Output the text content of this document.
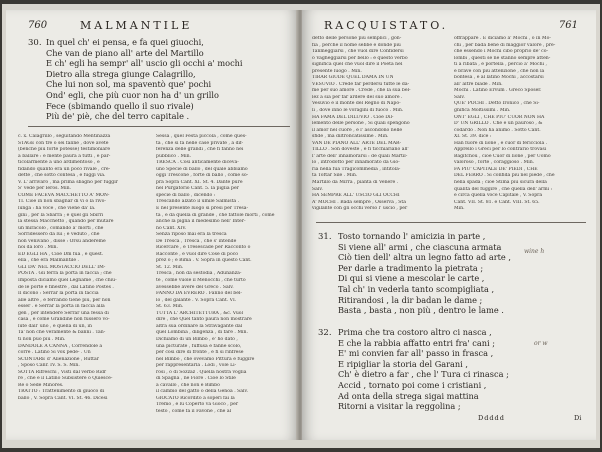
760	MALMANTILE
30. In quel ch' ei pensa, e fa quei giuochi,
Che van de piano all' arte del Martillo
E ch' egli ha sempr' all' uscio gli occhi a' mochi
Dietro alla strega giunge Calagrillo,
Che lui non sol, ma spaventò que' pochi
Ond' egli, che più cuor non ha d' un grillo
Fece (sbimando quello il suo rivale)
Più de' piè, che del terro capitale .

c. x. Calagrillo , seguitando Mentinazza

STAGE con tre o sei faline , dove avete

(benchè più forte potesse) testimoniare

a ballare : e mente paura a tutti , e par-

ticolarmente a uno ardimentoso , e

fidando quanto era un poco rivale , cre-

dette , che sotto contesa , e fuggi via.

V. L' arrivaro , ma prima sbagnò per fuggir

S' vede per Ieros. Min.

COME FACEVA MACCHETTO A' MON-

TI. Cioè in non sbagnar di vi o la rivo-

lunga : ha voce , che viene da' la.

gini , per la Sbarra ; e quel gli Sbirri

la stessa Macchetto , quando per mutare

un miracolo , comando a' morti , che

Sorridessero da lui ; e veduto , che

non venivano , disse : Orsù andereme

noi da loro . Min.

ED EGLI HA , Cioè Dm fua , e quest.

ella , che era Malmantile .

GLI DA' NEL MOSTACCIO DELL' IM-

POSTA . Gli ferra la porta in faccia ; che

Impostà diciamo quel Legname , che chiu-

de le porte e finestre , dal Latino Postes .

Il dicono : Serrar la porta in faccia

alle altre , e ferrando tiene più, per non

esser . e Serrar la porta in faccia alla

gen , per intendere Serrar una fessa di

casa , e come Grandine non fussero vo-

lute dall' uno , e quella di un, in

Ta' non che veramente & banni . Tan-

ti non può più . Min.

DANDOLE A CANNA , Correndole a

corre . Latino Si vox pede- . Un

SCONTARE d' Alienazione , Ruttar

, Sposo Canr. IV. S. S. Min.

SOTTA Rifreschi , Visti dal verbo Ridr

re , che è il Latino Subsistere o Quiesce-

Re o Sede Minores.

TRATTO : Trattenimento di giuoco di

ballo , V. Sopra Cant. VI. St. 46. Dicesi

Sessa , quel Festa piccola , come ques-

ta , che si fa nelle case private , a dif-

ferenza delle grandi , che fi fanno nei

pubblico . Min.

TRESCA . Così anticamente diceva-

uno Specie di ballo , del quale abbiamo

oggi Trescone , forte di ballo , come so-

pra Sopra Cant. XI. St. 4. Dante pure

nel Purgatorio Cant. 5. la piglia per

specie di ballo , dicendo :

Trescando alzato il umile Salmista .

E nel presente luogo si presi per Tresa-

ta , e da quella di grande , che fattole morti , come

anche la piglia il medesimo nell' Inter-

no Cant. XIV.

Senza riposo mai era la tresca

De Tresca , Tresca , che s' intende

Ricercare , e Tresescade per Raccontò o

Racconte , e vuol dire Cose di poco

prez o ; e Bima . V. Sopra in questo Cant.

St. 12. Min.

Tresca , non da sestodia , Adunanza-

te , come vuole il Menocchi , che turto

avessebbe avere del Greco . Salv.

FANNO DA EVRERO . Fanno del bel-

lo , del galante . V. Sopra Cant. VI.

St. 63. Min.

TUTTA L' ARCHITETTURA , &c. Vuol

dire , che Quel tanto paura non mostrare

altra sua ordinare la Stravagante dal

quel Lombina , diligenza , di fare . Min.

Dichiamo di un Bimbo , e' ho dato ,

una picturate , fuffusa e fanne scolo,

per così dire di fronte , e fi si rinfrese

nel Bimbo , che ovevamo Pittura e fuggire

per rappresentarla . Lodi , vole Li-

rosi , o di Sozzaz . Quella nostra voglia

di Spagna , ne Fiore . Cioè lo Stile

a cavallo , che non è Bimbo

il cambio del gatto o della Genoa . Salv.

GIOCATO Ricordito a soperi fai la

Tremo , e lu Coperto va Gioco , per

testo , come fa il Favone , che al

RACQUISTATO.	761

detto delle persone più semplici , gon-

fia , perchè il nome sebbe è donde più

Tanmeggiarsi , che vuol dire Confidersi

o Vagheggiarsi per bello : e questo verbo

significa quel che vuol dire il Poeta nel

presente luogo . Min.

TIRAR GIUDE QUEL DAMA IN UN

VESUVIO . Crede far perdersi tutte le da-

me per suo amore . Crede , che la sua bel-

lez a sia per far ardere del suo amore .

Vesuvio è il monte del Regno di Napo-

li , dove inno le voragini di fuoco . Min.

HA FAMA DEL DILUVIO . Cioè Dil-

lemento delle persone , Sì quali spengono

il amor nel cuore , e l' ascondono nelle

sfide , ma diltroncatissime . Min.

VAN DE PIANO ALL' ARTE DEL MAR-

TILLO . Son doveste , e fi ticchiariano all'

l' arte dell' innamorarsi : de quali Martil-

lo , introdotto per innamorato da Gio-

ria nella fua Tragicommedia , intitola-

ta Toftar Sile . Min.

Martillo da Mirra , pianta di Venere .

Salv.

HA SEMPRE ALL' USCIO GLI OCCHI

A' MOCHI . Bada sempre , Osserva , Sta

vigilante con gli occhi verso l' uscio , per

offrappare . E diciamo a' Mochi , o in Mo-

chi , per bada bene di maggior valore , pre-

chè essendo i Mochi cibo proprio de' co-

lombi , questi se ne stanno sempre atten-

ti a ribata , e portella , perciò a' Mochi ,

e brave con più attenzione , che non la

bontesa , e al latino Mochi , accostarsi

all' altre biade . Min.

Mochi . Latino Ervum . Greco Sposer.

Salv.

QUE' POCHI . Detto Ironico , che Si-

gnifica Moltissimi . Min.

ONT' EGLI , CHE PIU' CUOR NON HA

D' UN GRILLO . Che è un pauroso , &

codardo . Non ha animo . Sotto Cant.

XI. St. 39. dice :

Han fuore di lione , e cuor di fericciola .

Apprello i Greci per lo contrario trovasi

Bagitchou , cioè Cuor di lione , per Uomo

valoroso , forte , coraggioso . Min.

FA PIU' CAPITALE DE' PIEDI , CHE

DEL FERRO . Si confida più nel piede , che

nella spada ; cioè Stima più sicura della

qualità del fuggire , che quella dell' armi :

e circa quella voce Capitale , V. Sopra

Cant. VII. St. 81. e Cant. VIII. St. 65.

Min.

31. Tosto tornando l' amicizia in parte ,
Si viene all' armi , che ciascuna armata
Ciò tien dell' altra un legno fatto ad arte ,
Per darle a tradimento la pietrata ;
Di qui si viene a mescolar le carte ,
Tal ch' in vederla tanto scompigliata ,
Ritirandosi , la dir badan le dame ;
Basta , basta , non più , dentro le lame .
32. Prima che tra costoro altro ci nasca ,
E che la rabbia affatto entri fra' cani ;
E' mi convien far all' passo in frasca ,
E ripigliar la storia del Garani ,
Ch' è dietro a far , che l' Tura ci rinasca ;
Accid , tornato poi come i cristiani ,
Ad onta della strega sigai mattina
Ritorni a visitar la reggolina ;
Ddddd	Di
wine h
or w
